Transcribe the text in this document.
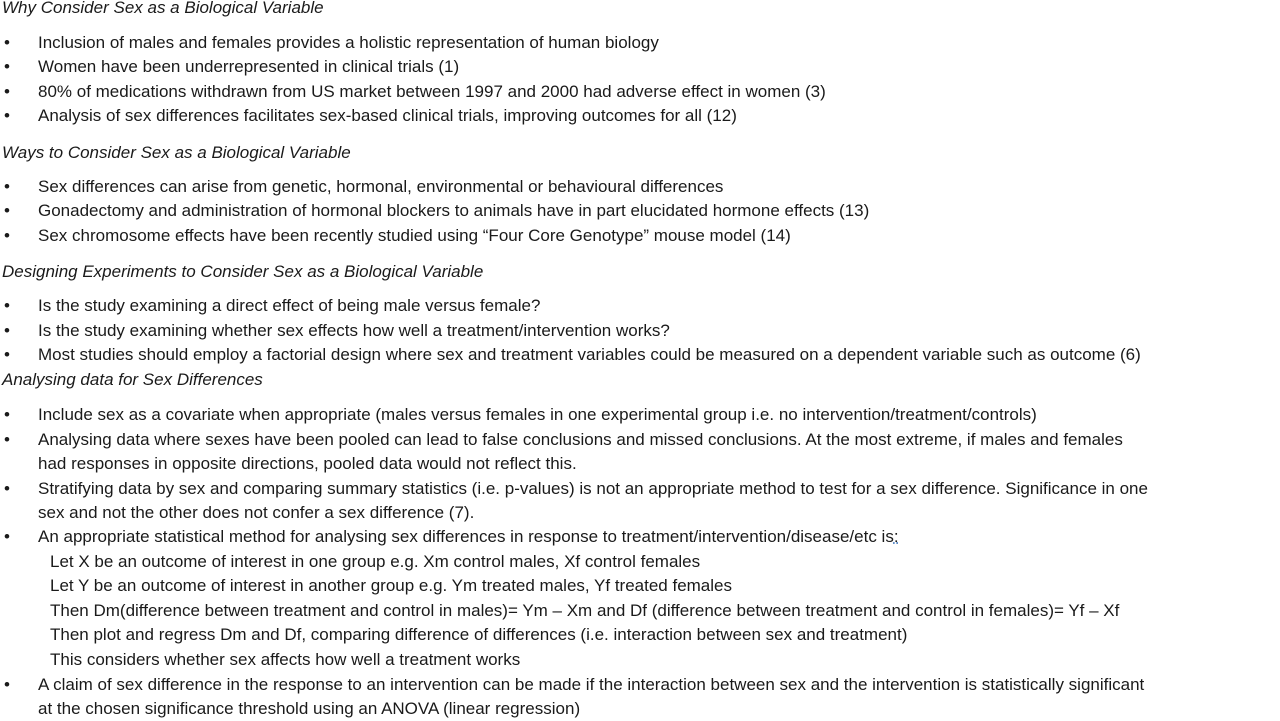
Why Consider Sex as a Biological Variable
• Inclusion of males and females provides a holistic representation of human biology
• Women have been underrepresented in clinical trials (1)
• 80% of medications withdrawn from US market between 1997 and 2000 had adverse effect in women (3)
• Analysis of sex differences facilitates sex-based clinical trials, improving outcomes for all (12)
Ways to Consider Sex as a Biological Variable
• Sex differences can arise from genetic, hormonal, environmental or behavioural differences
• Gonadectomy and administration of hormonal blockers to animals have in part elucidated hormone effects (13)
• Sex chromosome effects have been recently studied using “Four Core Genotype” mouse model (14)
Designing Experiments to Consider Sex as a Biological Variable
• Is the study examining a direct effect of being male versus female?
• Is the study examining whether sex effects how well a treatment/intervention works?
• Most studies should employ a factorial design where sex and treatment variables could be measured on a dependent variable such as outcome (6)
Analysing data for Sex Differences
• Include sex as a covariate when appropriate (males versus females in one experimental group i.e. no intervention/treatment/controls)
• Analysing data where sexes have been pooled can lead to false conclusions and missed conclusions. At the most extreme, if males and females
had responses in opposite directions, pooled data would not reflect this.
• Stratifying data by sex and comparing summary statistics (i.e. p-values) is not an appropriate method to test for a sex difference. Significance in one
sex and not the other does not confer a sex difference (7).
• An appropriate statistical method for analysing sex differences in response to treatment/intervention/disease/etc is:
Let X be an outcome of interest in one group e.g. Xm control males, Xf control females
Let Y be an outcome of interest in another group e.g. Ym treated males, Yf treated females
Then Dm(difference between treatment and control in males)= Ym – Xm and Df (difference between treatment and control in females)= Yf – Xf
Then plot and regress Dm and Df, comparing difference of differences (i.e. interaction between sex and treatment)
This considers whether sex affects how well a treatment works
• A claim of sex difference in the response to an intervention can be made if the interaction between sex and the intervention is statistically significant
at the chosen significance threshold using an ANOVA (linear regression)
